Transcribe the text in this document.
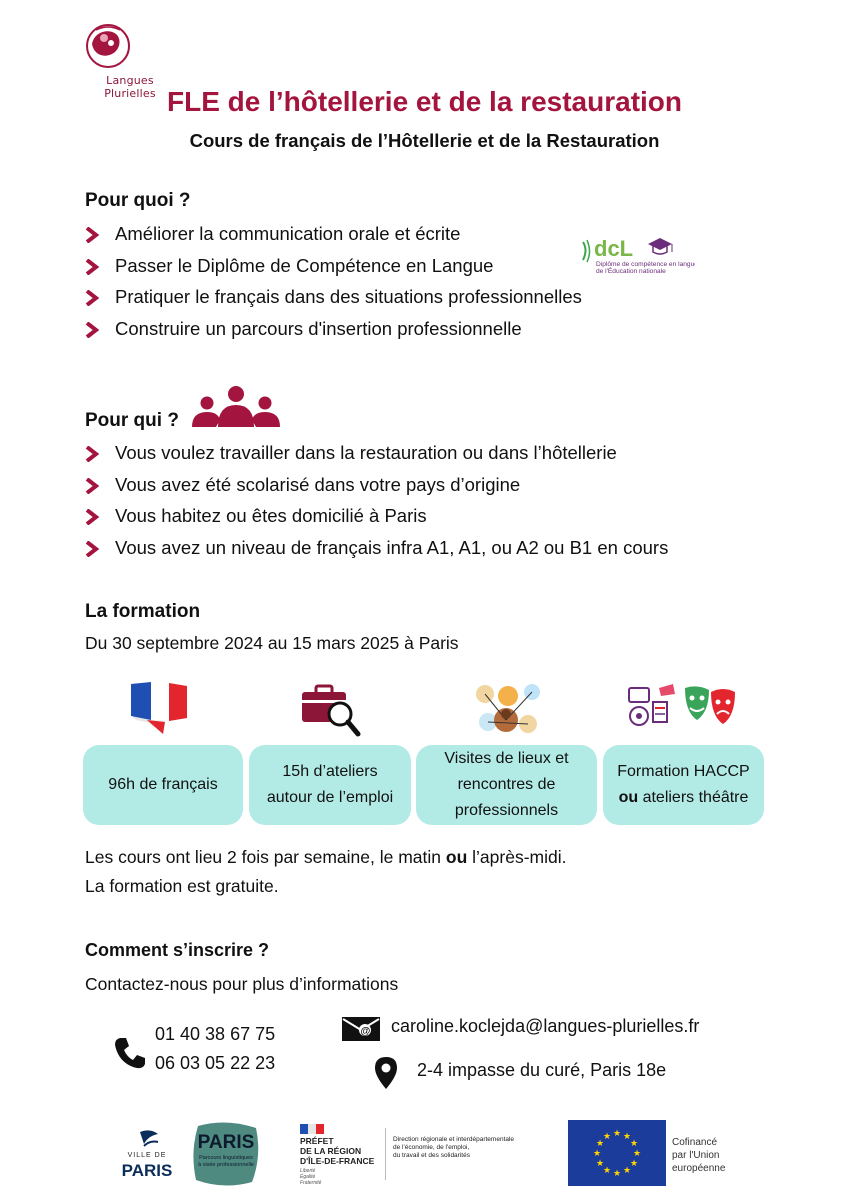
Langues Plurielles FLE de l’hôtellerie et de la restauration
Cours de français de l’Hôtellerie et de la Restauration
Pour quoi ?
Améliorer la communication orale et écrite
Passer le Diplôme de Compétence en Langue
Pratiquer le français dans des situations professionnelles
Construire un parcours d'insertion professionnelle
dcL
Diplôme de compétence en langue
de l'Éducation nationale
Pour qui ?
Vous voulez travailler dans la restauration ou dans l’hôtellerie
Vous avez été scolarisé dans votre pays d’origine
Vous habitez ou êtes domicilié à Paris
Vous avez un niveau de français infra A1, A1, ou A2 ou B1 en cours
La formation
Du 30 septembre 2024 au 15 mars 2025 à Paris
96h de français
15h d’ateliers
autour de l’emploi
Visites de lieux et
rencontres de
professionnels
Formation HACCP
ou ateliers théâtre
Les cours ont lieu 2 fois par semaine, le matin ou l’après-midi.
La formation est gratuite.
Comment s’inscrire ?
Contactez-nous pour plus d’informations
01 40 38 67 75
06 03 05 22 23
@ caroline.koclejda@langues-plurielles.fr
2-4 impasse du curé, Paris 18e
VILLE DE
PARIS
PARIS
Parcours linguistiques
à visée professionnelle
PRÉFET
DE LA RÉGION
D'ÎLE-DE-FRANCE
Liberté
Égalité
Fraternité
Direction régionale et interdépartementale
de l'économie, de l'emploi,
du travail et des solidarités
★ ★
★
★
★
★
★
★
★
★
★
★	Cofinancé
par l'Union
européenne
